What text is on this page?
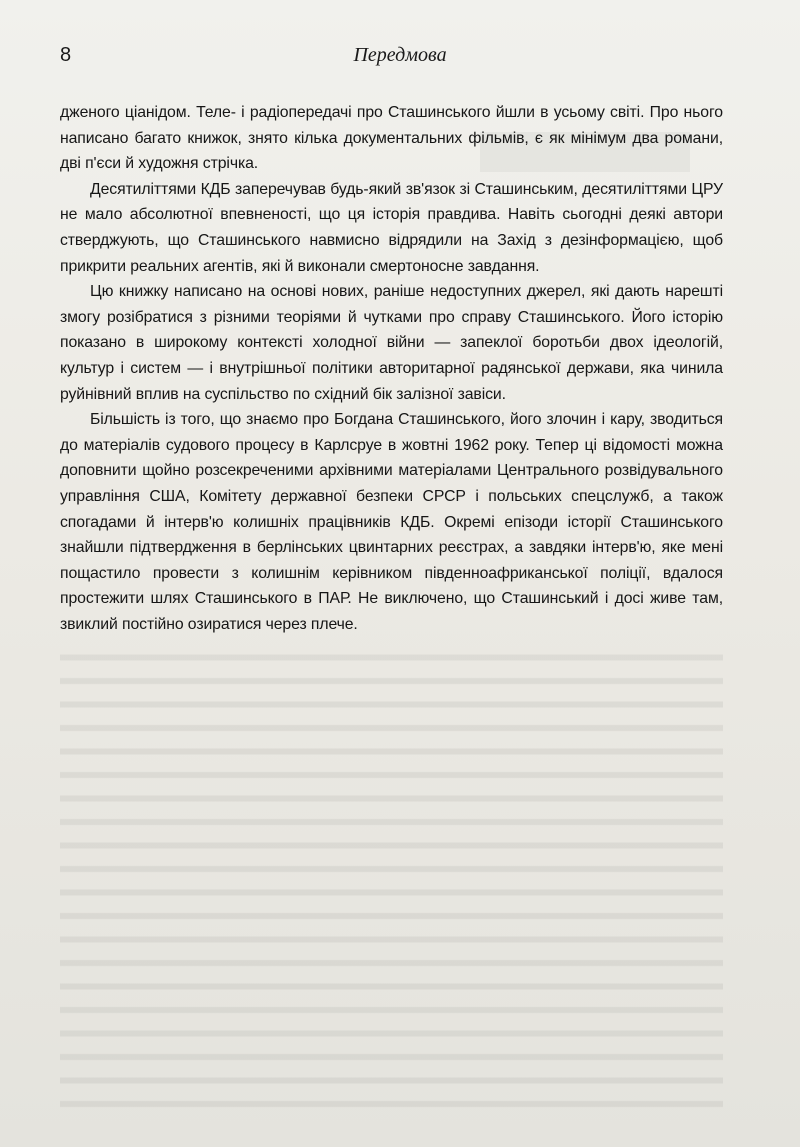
8	Передмова

дженого ціанідом. Теле- і радіопередачі про Сташинського йшли в усьому світі. Про нього написано багато книжок, знято кілька документальних фільмів, є як мінімум два романи, дві п'єси й художня стрічка.

Десятиліттями КДБ заперечував будь-який зв'язок зі Сташинським, десятиліттями ЦРУ не мало абсолютної впевненості, що ця історія правдива. Навіть сьогодні деякі автори стверджують, що Сташинського навмисно відрядили на Захід з дезінформацією, щоб прикрити реальних агентів, які й виконали смертоносне завдання.

Цю книжку написано на основі нових, раніше недоступних джерел, які дають нарешті змогу розібратися з різними теоріями й чутками про справу Сташинського. Його історію показано в широкому контексті холодної війни — запеклої боротьби двох ідеологій, культур і систем — і внутрішньої політики авторитарної радянської держави, яка чинила руйнівний вплив на суспільство по східний бік залізної завіси.

Більшість із того, що знаємо про Богдана Сташинського, його злочин і кару, зводиться до матеріалів судового процесу в Карлсруе в жовтні 1962 року. Тепер ці відомості можна доповнити щойно розсекреченими архівними матеріалами Центрального розвідувального управління США, Комітету державної безпеки СРСР і польських спецслужб, а також спогадами й інтерв'ю колишніх працівників КДБ. Окремі епізоди історії Сташинського знайшли підтвердження в берлінських цвинтарних реєстрах, а завдяки інтерв'ю, яке мені пощастило провести з колишнім керівником південноафриканської поліції, вдалося простежити шлях Сташинського в ПАР. Не виключено, що Сташинський і досі живе там, звиклий постійно озиратися через плече.
